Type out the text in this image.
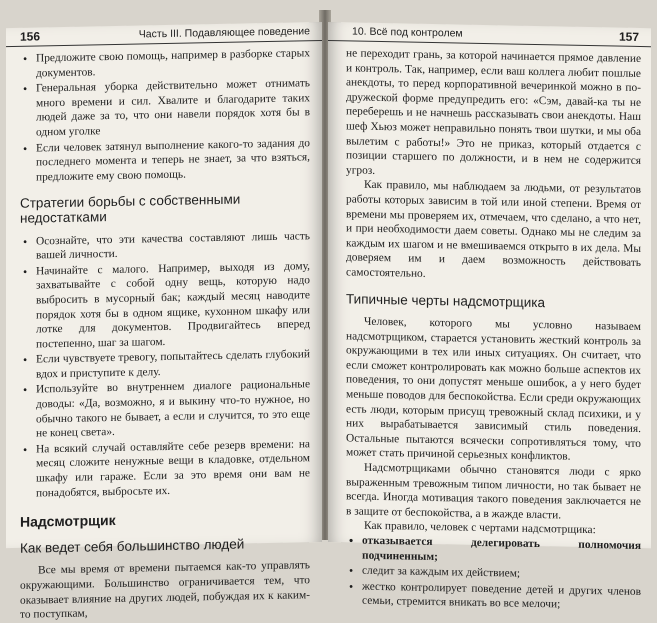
156	Часть III. Подавляющее поведение
• Предложите свою помощь, например в разборке старых документов.
• Генеральная уборка действительно может отнимать много времени и сил. Хвалите и благодарите таких людей даже за то, что они навели порядок хотя бы в одном уголке
• Если человек затянул выполнение какого-то задания до последнего момента и теперь не знает, за что взяться, предложите ему свою помощь.
Стратегии борьбы с собственными недостатками
• Осознайте, что эти качества составляют лишь часть вашей личности.
• Начинайте с малого. Например, выходя из дому, захватывайте с собой одну вещь, которую надо выбросить в мусорный бак; каждый месяц наводите порядок хотя бы в одном ящике, кухонном шкафу или лотке для документов. Продвигайтесь вперед постепенно, шаг за шагом.
• Если чувствуете тревогу, попытайтесь сделать глубокий вдох и приступите к делу.
• Используйте во внутреннем диалоге рациональные доводы: «Да, возможно, я и выкину что-то нужное, но обычно такого не бывает, а если и случится, то это еще не конец света».
• На всякий случай оставляйте себе резерв времени: на месяц сложите ненужные вещи в кладовке, отдельном шкафу или гараже. Если за это время они вам не понадобятся, выбросьте их.
Надсмотрщик
Как ведет себя большинство людей

Все мы время от времени пытаемся как-то управлять окружающими. Большинство ограничивается тем, что оказывает влияние на других людей, побуждая их к каким-то поступкам,

10. Всё под контролем	157

не переходит грань, за которой начинается прямое давление и контроль. Так, например, если ваш коллега любит пошлые анекдоты, то перед корпоративной вечеринкой можно в по-дружеской форме предупредить его: «Сэм, давай-ка ты не переберешь и не начнешь рассказывать свои анекдоты. Наш шеф Хьюз может неправильно понять твои шутки, и мы оба вылетим с работы!» Это не приказ, который отдается с позиции старшего по должности, и в нем не содержится угроз.

Как правило, мы наблюдаем за людьми, от результатов работы которых зависим в той или иной степени. Время от времени мы проверяем их, отмечаем, что сделано, а что нет, и при необходимости даем советы. Однако мы не следим за каждым их шагом и не вмешиваемся открыто в их дела. Мы доверяем им и даем возможность действовать самостоятельно.

Типичные черты надсмотрщика

Человек, которого мы условно называем надсмотрщиком, старается установить жесткий контроль за окружающими в тех или иных ситуациях. Он считает, что если сможет контролировать как можно больше аспектов их поведения, то они допустят меньше ошибок, а у него будет меньше поводов для беспокойства. Если среди окружающих есть люди, которым присущ тревожный склад психики, и у них вырабатывается зависимый стиль поведения. Остальные пытаются всячески сопротивляться тому, что может стать причиной серьезных конфликтов.

Надсмотрщиками обычно становятся люди с ярко выраженным тревожным типом личности, но так бывает не всегда. Иногда мотивация такого поведения заключается не в защите от беспокойства, а в жажде власти.

Как правило, человек с чертами надсмотрщика:

• отказывается делегировать полномочия подчиненным;
• следит за каждым их действием;
• жестко контролирует поведение детей и других членов семьи, стремится вникать во все мелочи;
